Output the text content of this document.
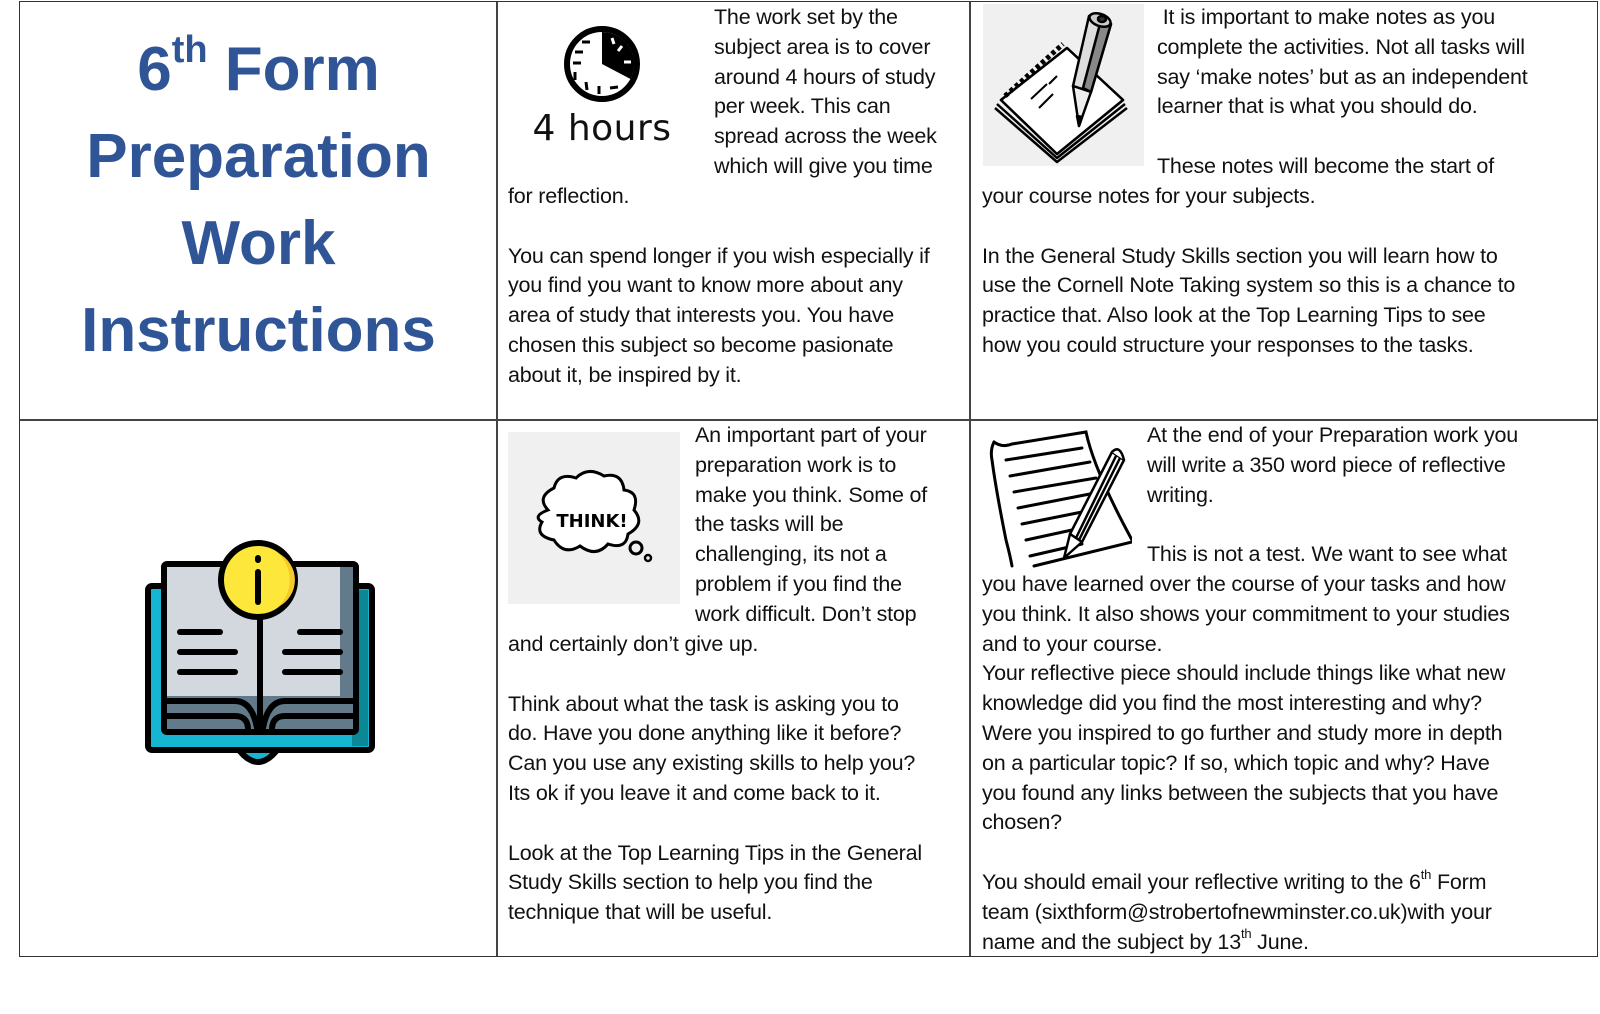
6th Form
Preparation
Work
Instructions
4 hours

The work set by the

subject area is to cover

around 4 hours of study

per week. This can

spread across the week

which will give you time

for reflection.

You can spend longer if you wish especially if

you find you want to know more about any

area of study that interests you. You have

chosen this subject so become pasionate

about it, be inspired by it.

It is important to make notes as you

complete the activities. Not all tasks will

say ‘make notes’ but as an independent

learner that is what you should do.

These notes will become the start of

your course notes for your subjects.

In the General Study Skills section you will learn how to

use the Cornell Note Taking system so this is a chance to

practice that. Also look at the Top Learning Tips to see

how you could structure your responses to the tasks.

THINK!

An important part of your

preparation work is to

make you think. Some of

the tasks will be

challenging, its not a

problem if you find the

work difficult. Don’t stop

and certainly don’t give up.

Think about what the task is asking you to

do. Have you done anything like it before?

Can you use any existing skills to help you?

Its ok if you leave it and come back to it.

Look at the Top Learning Tips in the General

Study Skills section to help you find the

technique that will be useful.

At the end of your Preparation work you

will write a 350 word piece of reflective

writing.

This is not a test. We want to see what

you have learned over the course of your tasks and how

you think. It also shows your commitment to your studies

and to your course.

Your reflective piece should include things like what new

knowledge did you find the most interesting and why?

Were you inspired to go further and study more in depth

on a particular topic? If so, which topic and why? Have

you found any links between the subjects that you have

chosen?

You should email your reflective writing to the 6th Form

team (sixthform@strobertofnewminster.co.uk)with your

name and the subject by 13th June.
